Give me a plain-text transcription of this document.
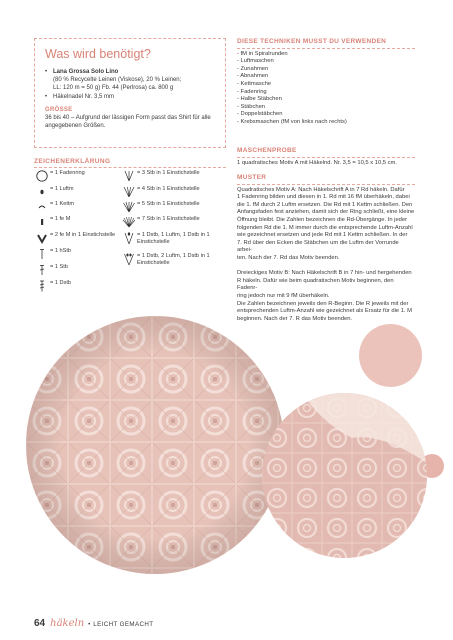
Was wird benötigt?
• Lana Grossa Solo Lino
(80 % Recycelte Leinen (Viskose), 20 % Leinen;
LL: 120 m = 50 g) Fb. 44 (Perlrosa) ca. 800 g
• Häkelnadel Nr. 3,5 mm
GRÖSSE

36 bis 40 – Aufgrund der lässigen Form passt das Shirt für alle angegebenen Größen.

ZEICHENERKLÄRUNG
= 1 Fadenring
= 1 Luftm
= 1 Kettm
= 1 fe M
= 2 fe M in 1 Einstichstelle
= 1 hStb
= 1 Stb
= 1 Dstb
= 3 Stb in 1 Einstichstelle
= 4 Stb in 1 Einstichstelle
= 5 Stb in 1 Einstichstelle
= 7 Stb in 1 Einstichstelle
= 1 Dstb, 1 Luftm, 1 Dstb in 1 Einstichstelle
= 1 Dstb, 2 Luftm, 1 Dstb in 1 Einstichstelle
DIESE TECHNIKEN MUSST DU VERWENDEN
- fM in Spiralrunden
- Luftmaschen
- Zunahmen
- Abnahmen
- Kettmasche
- Fadenring
- Halbe Stäbchen
- Stäbchen
- Doppelstäbchen
- Krebsmaschen (fM von links nach rechts)
MASCHENPROBE

1 quadratisches Motiv A mit Häkelnd. Nr. 3,5 = 10,5 x 10,5 cm.

MUSTER

Quadratisches Motiv A: Nach Häkelschrift A in 7 Rd häkeln. Dafür

1 Fadenring bilden und diesen in 1. Rd mit 16 fM überhäkeln, dabei

die 1. fM durch 2 Luftm ersetzen. Die Rd mit 1 Kettm schließen. Den

Anfangsfaden fest anziehen, damit sich der Ring schließt, eine kleine

Öffnung bleibt. Die Zahlen bezeichnen die Rd-Übergänge. In jeder

folgenden Rd die 1. M immer durch die entsprechende Luftm-Anzahl

wie gezeichnet ersetzen und jede Rd mit 1 Kettm schließen. In der

7. Rd über den Ecken die Stäbchen um die Luftm der Vorrunde arbei-

ten. Nach der 7. Rd das Motiv beenden.

Dreieckiges Motiv B: Nach Häkelschrift B in 7 hin- und hergehenden

R häkeln. Dafür wie beim quadratischen Motiv beginnen, den Fadenr-

ring jedoch nur mit 9 fM überhäkeln.

Die Zahlen bezeichnen jeweils den R-Beginn. Die R jeweils mit der

entsprechenden Luftm-Anzahl wie gezeichnet als Ersatz für die 1. M

beginnen. Nach der 7. R das Motiv beenden.

64 häkeln • LEICHT GEMACHT
